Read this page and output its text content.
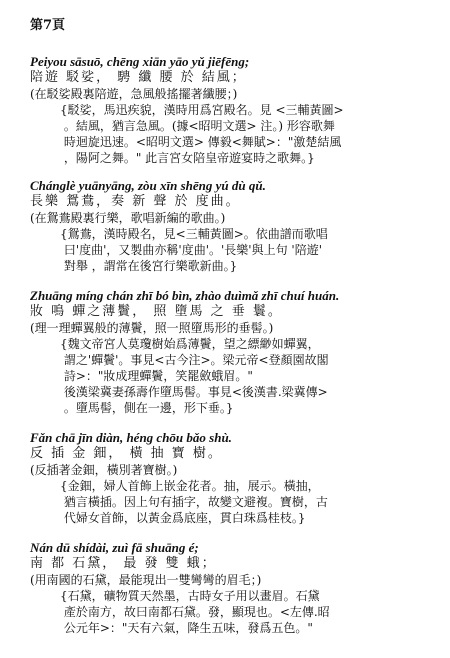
第7頁
Peiyou sāsuō, chēng xiān yāo yǔ jiēfēng;
陪遊 駁娑， 騁 纖 腰 於 結風；
(在駁娑殿裏陪遊，急風般搖擺著纖腰；)
{駁娑，馬迅疾貌，漢時用爲宮殿名。見 <三輔黃圖>
。結風，猶言急風。(據<昭明文選> 注。) 形容歌舞
時迴旋迅速。<昭明文選> 傳毅<舞賦>："激楚結風
，陽阿之舞。" 此言宮女陪皇帝遊宴時之歌舞。}
Chánglè yuānyāng, zòu xīn shēng yú dù qǔ.
長樂 鴛鴦，奏 新 聲 於 度曲。
(在鴛鴦殿裏行樂，歌唱新編的歌曲。)
{鴛鴦，漢時殿名，見<三輔黃圖>。依曲譜而歌唱
曰'度曲'，又製曲亦稱'度曲'。'長樂'與上句 '陪遊'
對舉 ，謂常在後宮行樂歌新曲。}
Zhuāng míng chán zhī bó bìn, zhào duìmǎ zhī chuí huán.
妝 鳴 蟬之薄鬢， 照 墮馬 之 垂 鬟。
(理一理蟬翼般的薄鬢，照一照墮馬形的垂髻。)
{魏文帝宮人莫瓊樹始爲薄鬢，望之縹緲如蟬翼，
謂之'蟬鬢'。事見<古今注>。梁元帝<登顏園故閣
詩>："妝成理蟬鬢，笑罷斂蛾眉。"
後漢梁冀妻孫壽作墮馬髻。事見<後漢書.梁冀傳>
。墮馬髻，側在一邊，形下垂。}
Fǎn chā jīn diàn, héng chōu bǎo shù.
反 插 金 鈿， 橫 抽 寶 樹。
(反插著金鈿，橫別著寶樹。)
{金鈿，婦人首飾上嵌金花者。抽，展示。橫抽，
猶言橫插。因上句有插字，故變文避複。寶樹，古
代婦女首飾，以黃金爲底座，貫白珠爲桂枝。}
Nán dū shídài, zuì fā shuāng é;
南 都 石黛， 最 發 雙 蛾；
(用南國的石黛，最能現出一雙彎彎的眉毛；)
{石黛，礦物質天然墨，古時女子用以畫眉。石黛
產於南方，故曰南都石黛。發，顯現也。<左傳.昭
公元年>："天有六氣，降生五味，發爲五色。"
